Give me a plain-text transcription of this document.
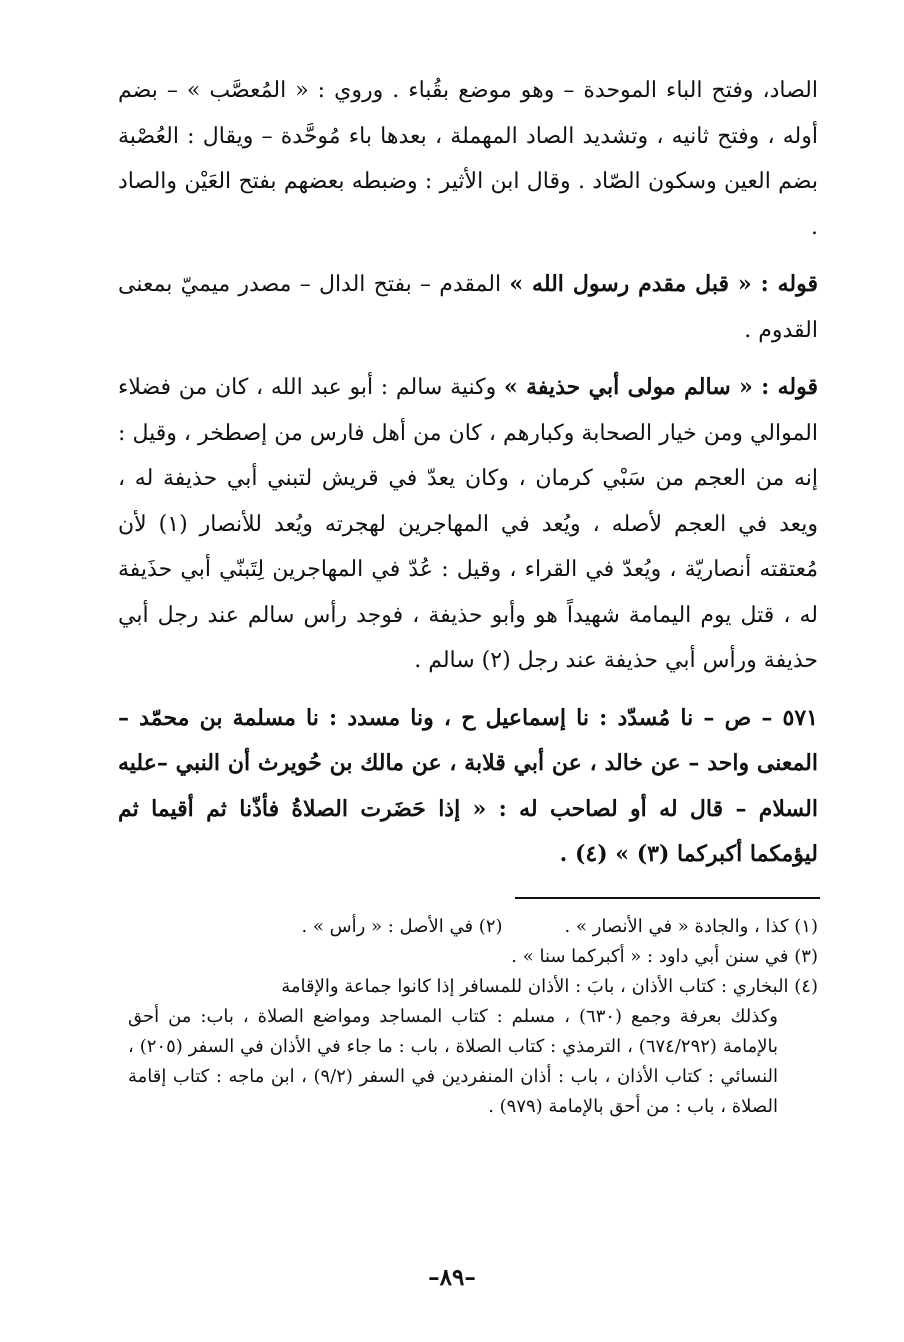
الصاد، وفتح الباء الموحدة – وهو موضع بقُباء . وروي : « المُعصَّب » – بضم أوله ، وفتح ثانيه ، وتشديد الصاد المهملة ، بعدها باء مُوحَّدة – ويقال : العُصْبة بضم العين وسكون الصّاد . وقال ابن الأثير : وضبطه بعضهم بفتح العَيْن والصاد .

قوله : « قبل مقدم رسول الله » المقدم – بفتح الدال – مصدر ميميّ بمعنى القدوم .

قوله : « سالم مولى أبي حذيفة » وكنية سالم : أبو عبد الله ، كان من فضلاء الموالي ومن خيار الصحابة وكبارهم ، كان من أهل فارس من إصطخر ، وقيل : إنه من العجم من سَبْي كرمان ، وكان يعدّ في قريش لتبني أبي حذيفة له ، ويعد في العجم لأصله ، ويُعد في المهاجرين لهجرته ويُعد للأنصار (١) لأن مُعتقته أنصاريّة ، ويُعدّ في القراء ، وقيل : عُدّ في المهاجرين لِتَبنّي أبي حذَيفة له ، قتل يوم اليمامة شهيداً هو وأبو حذيفة ، فوجد رأس سالم عند رجل أبي حذيفة ورأس أبي حذيفة عند رجل (٢) سالم .

٥٧١ – ص – نا مُسدّد : نا إسماعيل ح ، ونا مسدد : نا مسلمة بن محمّد – المعنى واحد – عن خالد ، عن أبي قلابة ، عن مالك بن حُويرث أن النبي –عليه السلام – قال له أو لصاحب له : « إذا حَضَرت الصلاةُ فأذّنا ثم أقيما ثم ليؤمكما أكبركما (٣) » (٤) .

(١) كذا ، والجادة « في الأنصار » .
(٢) في الأصل : « رأس » .

(٣) في سنن أبي داود : « أكبركما سنا » .

(٤) البخاري : كتاب الأذان ، بابَ : الأذان للمسافر إذا كانوا جماعة والإقامة

وكذلك بعرفة وجمع (٦٣٠) ، مسلم : كتاب المساجد ومواضع الصلاة ، باب: من أحق بالإمامة (٦٧٤/٢٩٢) ، الترمذي : كتاب الصلاة ، باب : ما جاء في الأذان في السفر (٢٠٥) ، النسائي : كتاب الأذان ، باب : أذان المنفردين في السفر (٩/٢) ، ابن ماجه : كتاب إقامة الصلاة ، باب : من أحق بالإمامة (٩٧٩) .

–٨٩–
